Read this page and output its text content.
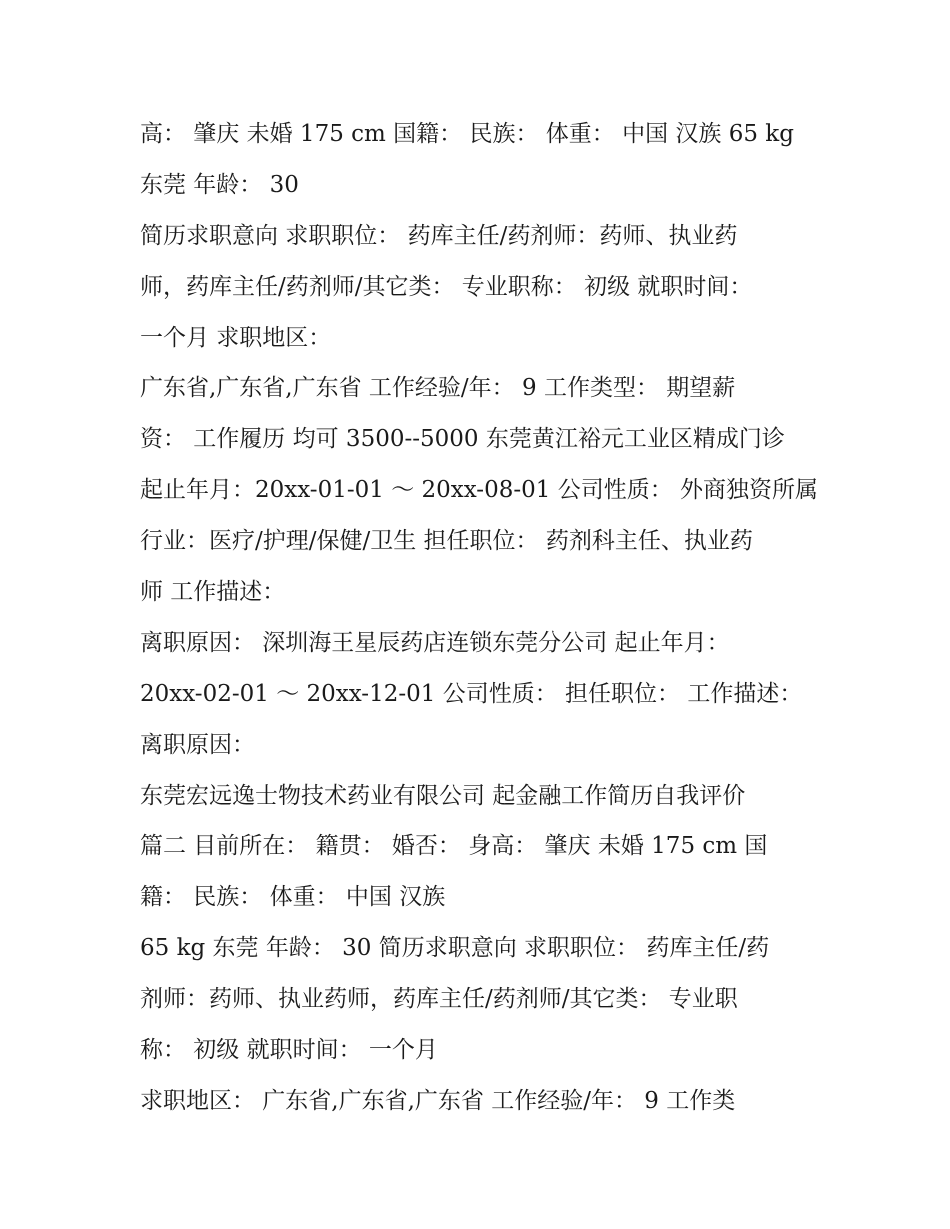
高： 肇庆 未婚 175 cm 国籍： 民族： 体重： 中国 汉族 65 kg
东莞 年龄： 30
简历求职意向 求职职位： 药库主任/药剂师：药师、执业药
师，药库主任/药剂师/其它类： 专业职称： 初级 就职时间：
一个月 求职地区：
广东省,广东省,广东省 工作经验/年： 9 工作类型： 期望薪
资： 工作履历 均可 3500--5000 东莞黄江裕元工业区精成门诊
起止年月：20xx-01-01 ～ 20xx-08-01 公司性质： 外商独资所属
行业：医疗/护理/保健/卫生 担任职位： 药剂科主任、执业药
师 工作描述：
离职原因： 深圳海王星辰药店连锁东莞分公司 起止年月：
20xx-02-01 ～ 20xx-12-01 公司性质： 担任职位： 工作描述：
离职原因：
东莞宏远逸士物技术药业有限公司 起金融工作简历自我评价
篇二 目前所在： 籍贯： 婚否： 身高： 肇庆 未婚 175 cm 国
籍： 民族： 体重： 中国 汉族
65 kg 东莞 年龄： 30 简历求职意向 求职职位： 药库主任/药
剂师：药师、执业药师，药库主任/药剂师/其它类： 专业职
称： 初级 就职时间： 一个月
求职地区： 广东省,广东省,广东省 工作经验/年： 9 工作类
